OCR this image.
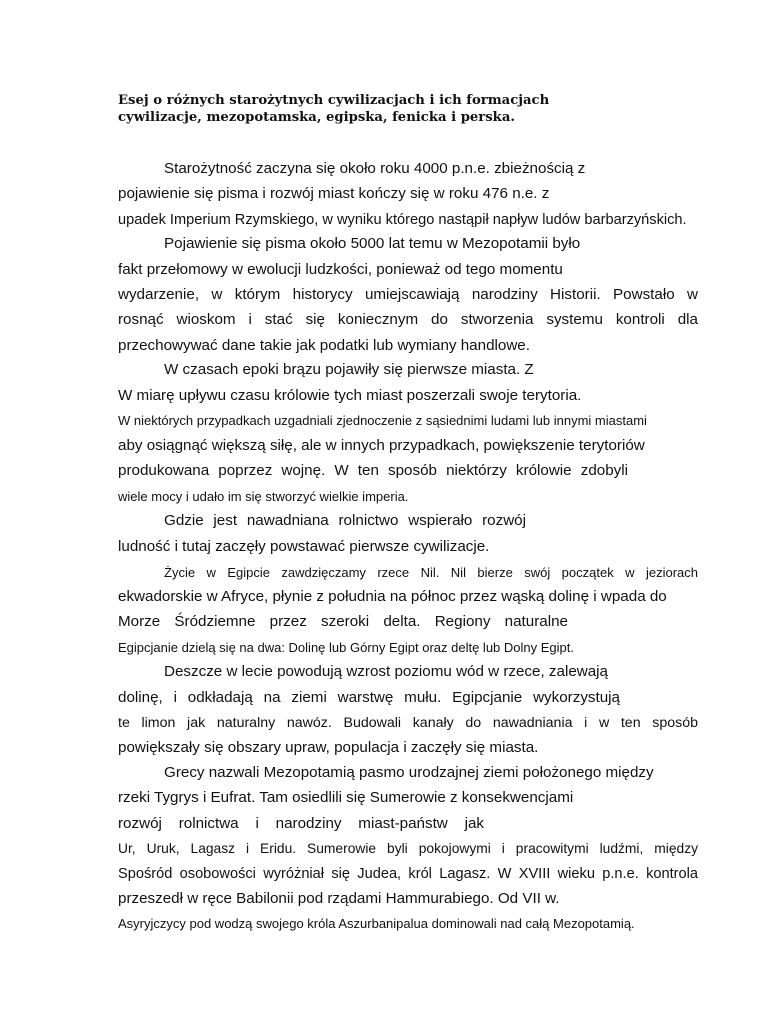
Esej o różnych starożytnych cywilizacjach i ich formacjach
cywilizacje, mezopotamska, egipska, fenicka i perska.
Starożytność zaczyna się około roku 4000 p.n.e. zbieżnością z
pojawienie się pisma i rozwój miast kończy się w roku 476 n.e. z
upadek Imperium Rzymskiego, w wyniku którego nastąpił napływ ludów barbarzyńskich.
Pojawienie się pisma około 5000 lat temu w Mezopotamii było
fakt przełomowy w ewolucji ludzkości, ponieważ od tego momentu
wydarzenie, w którym historycy umiejscawiają narodziny Historii. Powstało w
rosnąć wioskom i stać się koniecznym do stworzenia systemu kontroli dla
przechowywać dane takie jak podatki lub wymiany handlowe.
W czasach epoki brązu pojawiły się pierwsze miasta. Z
W miarę upływu czasu królowie tych miast poszerzali swoje terytoria.
W niektórych przypadkach uzgadniali zjednoczenie z sąsiednimi ludami lub innymi miastami
aby osiągnąć większą siłę, ale w innych przypadkach, powiększenie terytoriów
produkowana poprzez wojnę. W ten sposób niektórzy królowie zdobyli
wiele mocy i udało im się stworzyć wielkie imperia.
Gdzie jest nawadniana rolnictwo wspierało rozwój
ludność i tutaj zaczęły powstawać pierwsze cywilizacje.
Życie w Egipcie zawdzięczamy rzece Nil. Nil bierze swój początek w jeziorach
ekwadorskie w Afryce, płynie z południa na północ przez wąską dolinę i wpada do
Morze Śródziemne przez szeroki delta. Regiony naturalne
Egipcjanie dzielą się na dwa: Dolinę lub Górny Egipt oraz deltę lub Dolny Egipt.
Deszcze w lecie powodują wzrost poziomu wód w rzece, zalewają
dolinę, i odkładają na ziemi warstwę mułu. Egipcjanie wykorzystują
te limon jak naturalny nawóz. Budowali kanały do nawadniania i w ten sposób
powiększały się obszary upraw, populacja i zaczęły się miasta.
Grecy nazwali Mezopotamią pasmo urodzajnej ziemi położonego między
rzeki Tygrys i Eufrat. Tam osiedlili się Sumerowie z konsekwencjami
rozwój rolnictwa i narodziny miast-państw jak
Ur, Uruk, Lagasz i Eridu. Sumerowie byli pokojowymi i pracowitymi ludźmi, między
Spośród osobowości wyróżniał się Judea, król Lagasz. W XVIII wieku p.n.e. kontrola
przeszedł w ręce Babilonii pod rządami Hammurabiego. Od VII w.
Asyryjczycy pod wodzą swojego króla Aszurbanipalua dominowali nad całą Mezopotamią.
